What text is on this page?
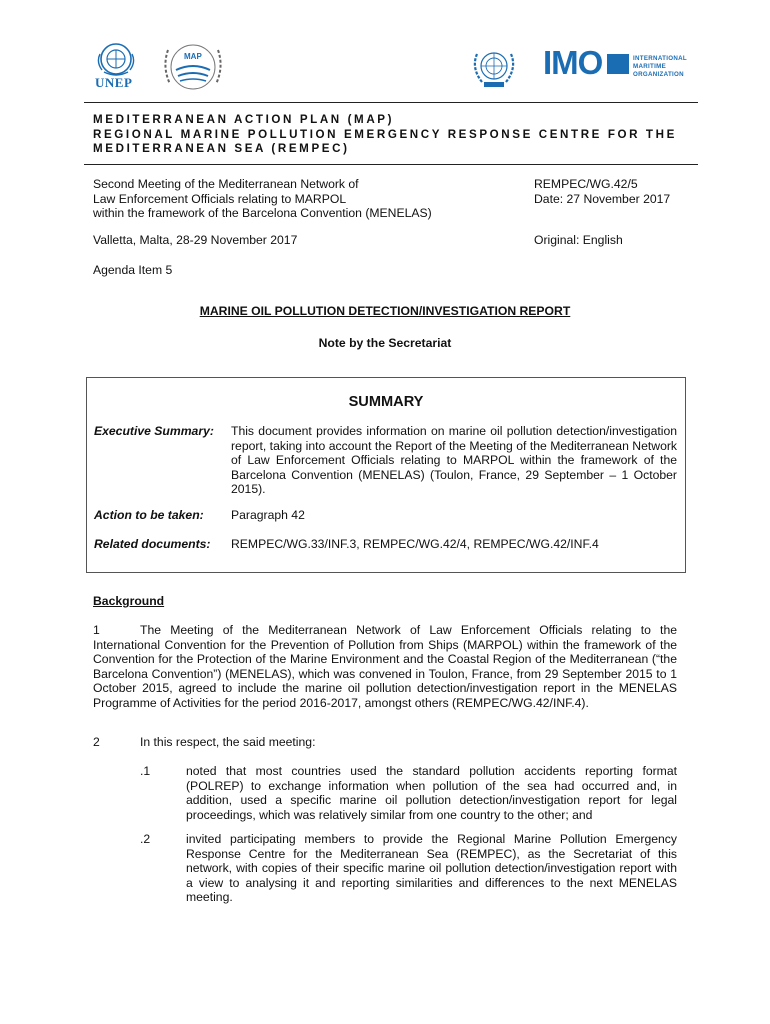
UNEP
MAP	IMO	INTERNATIONAL
MARITIME
ORGANIZATION
MEDITERRANEAN ACTION PLAN (MAP)
REGIONAL MARINE POLLUTION EMERGENCY RESPONSE CENTRE FOR THE
MEDITERRANEAN SEA (REMPEC)
Second Meeting of the Mediterranean Network of
Law Enforcement Officials relating to MARPOL
within the framework of the Barcelona Convention (MENELAS)
REMPEC/WG.42/5
Date: 27 November 2017
Valletta, Malta, 28-29 November 2017	Original: English
Agenda Item 5
MARINE OIL POLLUTION DETECTION/INVESTIGATION REPORT
Note by the Secretariat
SUMMARY
Executive Summary: This document provides information on marine oil pollution detection/investigation report, taking into account the Report of the Meeting of the Mediterranean Network of Law Enforcement Officials relating to MARPOL within the framework of the Barcelona Convention (MENELAS) (Toulon, France, 29 September – 1 October 2015).
Action to be taken: Paragraph 42
Related documents: REMPEC/WG.33/INF.3, REMPEC/WG.42/4, REMPEC/WG.42/INF.4
Background
1	The Meeting of the Mediterranean Network of Law Enforcement Officials relating to the International Convention for the Prevention of Pollution from Ships (MARPOL) within the framework of the Convention for the Protection of the Marine Environment and the Coastal Region of the Mediterranean (“the Barcelona Convention”) (MENELAS), which was convened in Toulon, France, from 29 September 2015 to 1 October 2015, agreed to include the marine oil pollution detection/investigation report in the MENELAS Programme of Activities for the period 2016-2017, amongst others (REMPEC/WG.42/INF.4).
2	In this respect, the said meeting:
.1	noted that most countries used the standard pollution accidents reporting format (POLREP) to exchange information when pollution of the sea had occurred and, in addition, used a specific marine oil pollution detection/investigation report for legal proceedings, which was relatively similar from one country to the other; and
.2	invited participating members to provide the Regional Marine Pollution Emergency Response Centre for the Mediterranean Sea (REMPEC), as the Secretariat of this network, with copies of their specific marine oil pollution detection/investigation report with a view to analysing it and reporting similarities and differences to the next MENELAS meeting.
